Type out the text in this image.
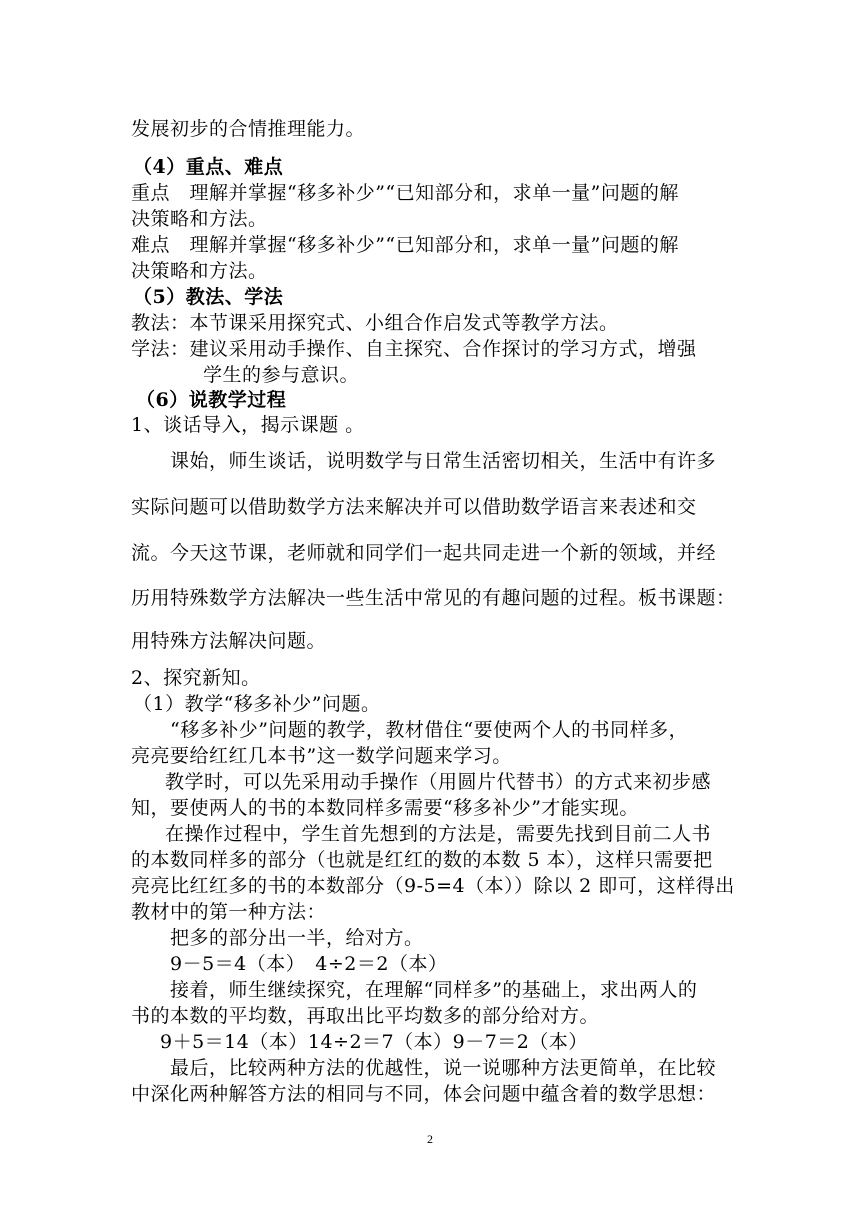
发展初步的合情推理能力。
（4）重点、难点
重点　理解并掌握“移多补少”“已知部分和，求单一量”问题的解
决策略和方法。
难点　理解并掌握“移多补少”“已知部分和，求单一量”问题的解
决策略和方法。
（5）教法、学法
教法：本节课采用探究式、小组合作启发式等教学方法。
学法：建议采用动手操作、自主探究、合作探讨的学习方式，增强
学生的参与意识。
（6）说教学过程
1、谈话导入，揭示课题 。
课始，师生谈话，说明数学与日常生活密切相关，生活中有许多
实际问题可以借助数学方法来解决并可以借助数学语言来表述和交
流。今天这节课，老师就和同学们一起共同走进一个新的领域，并经
历用特殊数学方法解决一些生活中常见的有趣问题的过程。板书课题：
用特殊方法解决问题。
2、探究新知。
（1）教学“移多补少”问题。
“移多补少”问题的教学，教材借住“要使两个人的书同样多，
亮亮要给红红几本书”这一数学问题来学习。
教学时，可以先采用动手操作（用圆片代替书）的方式来初步感
知，要使两人的书的本数同样多需要“移多补少”才能实现。
在操作过程中，学生首先想到的方法是，需要先找到目前二人书
的本数同样多的部分（也就是红红的数的本数 5 本），这样只需要把
亮亮比红红多的书的本数部分（9-5=4（本））除以 2 即可，这样得出
教材中的第一种方法：
把多的部分出一半，给对方。
9－5＝4（本）　4÷2＝2（本）
接着，师生继续探究，在理解“同样多”的基础上，求出两人的
书的本数的平均数，再取出比平均数多的部分给对方。
9＋5＝14（本）14÷2＝7（本）9－7＝2（本）
最后，比较两种方法的优越性，说一说哪种方法更简单，在比较
中深化两种解答方法的相同与不同，体会问题中蕴含着的数学思想：
2
